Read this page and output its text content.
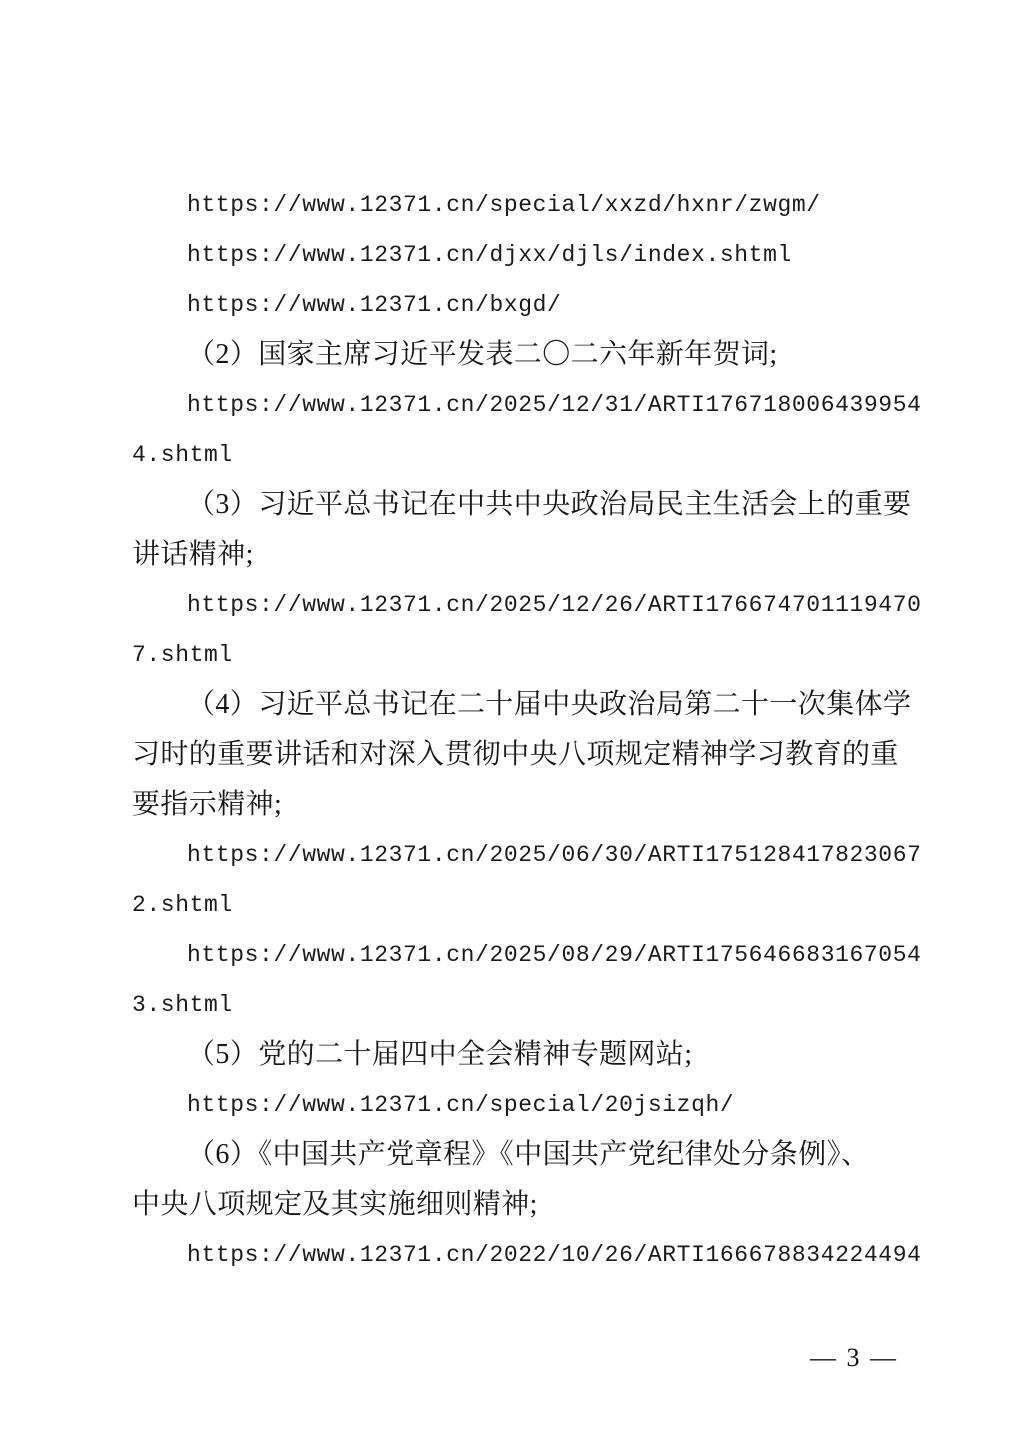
https://www.12371.cn/special/xxzd/hxnr/zwgm/
https://www.12371.cn/djxx/djls/index.shtml
https://www.12371.cn/bxgd/
（2）国家主席习近平发表二〇二六年新年贺词;
https://www.12371.cn/2025/12/31/ARTI176718006439954
4.shtml
（3）习近平总书记在中共中央政治局民主生活会上的重要
讲话精神;
https://www.12371.cn/2025/12/26/ARTI176674701119470
7.shtml
（4）习近平总书记在二十届中央政治局第二十一次集体学
习时的重要讲话和对深入贯彻中央八项规定精神学习教育的重
要指示精神;
https://www.12371.cn/2025/06/30/ARTI175128417823067
2.shtml
https://www.12371.cn/2025/08/29/ARTI175646683167054
3.shtml
（5）党的二十届四中全会精神专题网站;
https://www.12371.cn/special/20jsizqh/
（6）《中国共产党章程》《中国共产党纪律处分条例》、
中央八项规定及其实施细则精神;
https://www.12371.cn/2022/10/26/ARTI166678834224494
— 3 —
